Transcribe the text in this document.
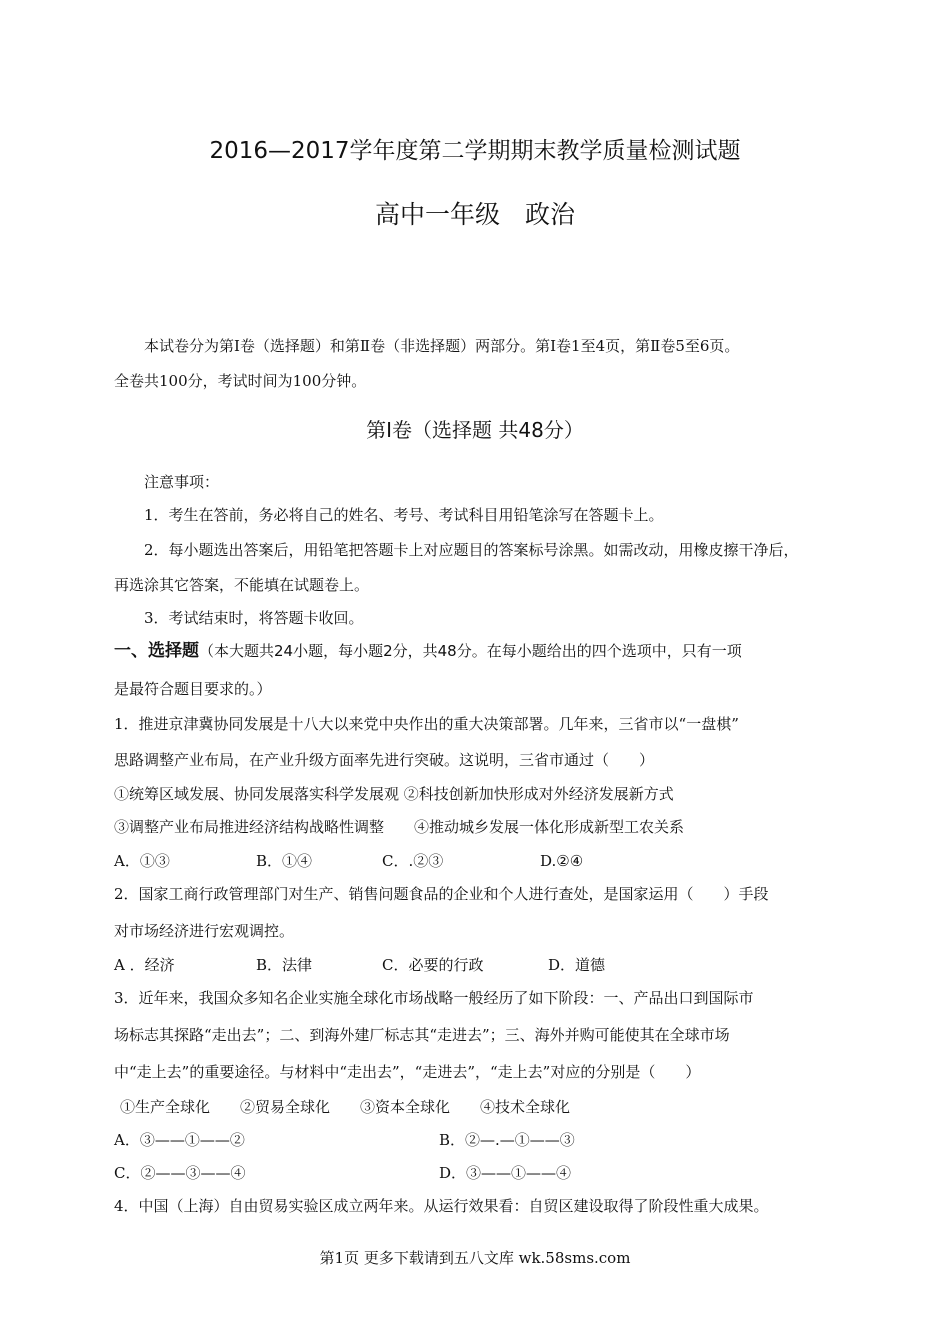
2016—2017学年度第二学期期末教学质量检测试题
高中一年级　政治
本试卷分为第Ⅰ卷（选择题）和第Ⅱ卷（非选择题）两部分。第Ⅰ卷1至4页，第Ⅱ卷5至6页。
全卷共100分，考试时间为100分钟。
第Ⅰ卷（选择题 共48分）
注意事项：
1．考生在答前，务必将自己的姓名、考号、考试科目用铅笔涂写在答题卡上。
2．每小题选出答案后，用铅笔把答题卡上对应题目的答案标号涂黑。如需改动，用橡皮擦干净后，
再选涂其它答案，不能填在试题卷上。
3．考试结束时，将答题卡收回。
一、选择题（本大题共24小题，每小题2分，共48分。在每小题给出的四个选项中，只有一项
是最符合题目要求的。）
1．推进京津冀协同发展是十八大以来党中央作出的重大决策部署。几年来，三省市以“一盘棋”
思路调整产业布局，在产业升级方面率先进行突破。这说明，三省市通过（　　）
①统筹区域发展、协同发展落实科学发展观 ②科技创新加快形成对外经济发展新方式
③调整产业布局推进经济结构战略性调整　　④推动城乡发展一体化形成新型工农关系
A．①③	B．①④	C．.②③	D.②④
2．国家工商行政管理部门对生产、销售问题食品的企业和个人进行查处，是国家运用（　　）手段
对市场经济进行宏观调控。
A ．经济	B．法律	C．必要的行政	D．道德
3．近年来，我国众多知名企业实施全球化市场战略一般经历了如下阶段：一、产品出口到国际市
场标志其探路“走出去”；二、到海外建厂标志其“走进去”；三、海外并购可能使其在全球市场
中“走上去”的重要途径。与材料中“走出去”，“走进去”，“走上去”对应的分别是（　　）
①生产全球化　　②贸易全球化　　③资本全球化　　④技术全球化
A．③——①——②	B．②—.—①——③
C．②——③——④	D．③——①——④
4．中国（上海）自由贸易实验区成立两年来。从运行效果看：自贸区建设取得了阶段性重大成果。
第1页 更多下载请到五八文库 wk.58sms.com
